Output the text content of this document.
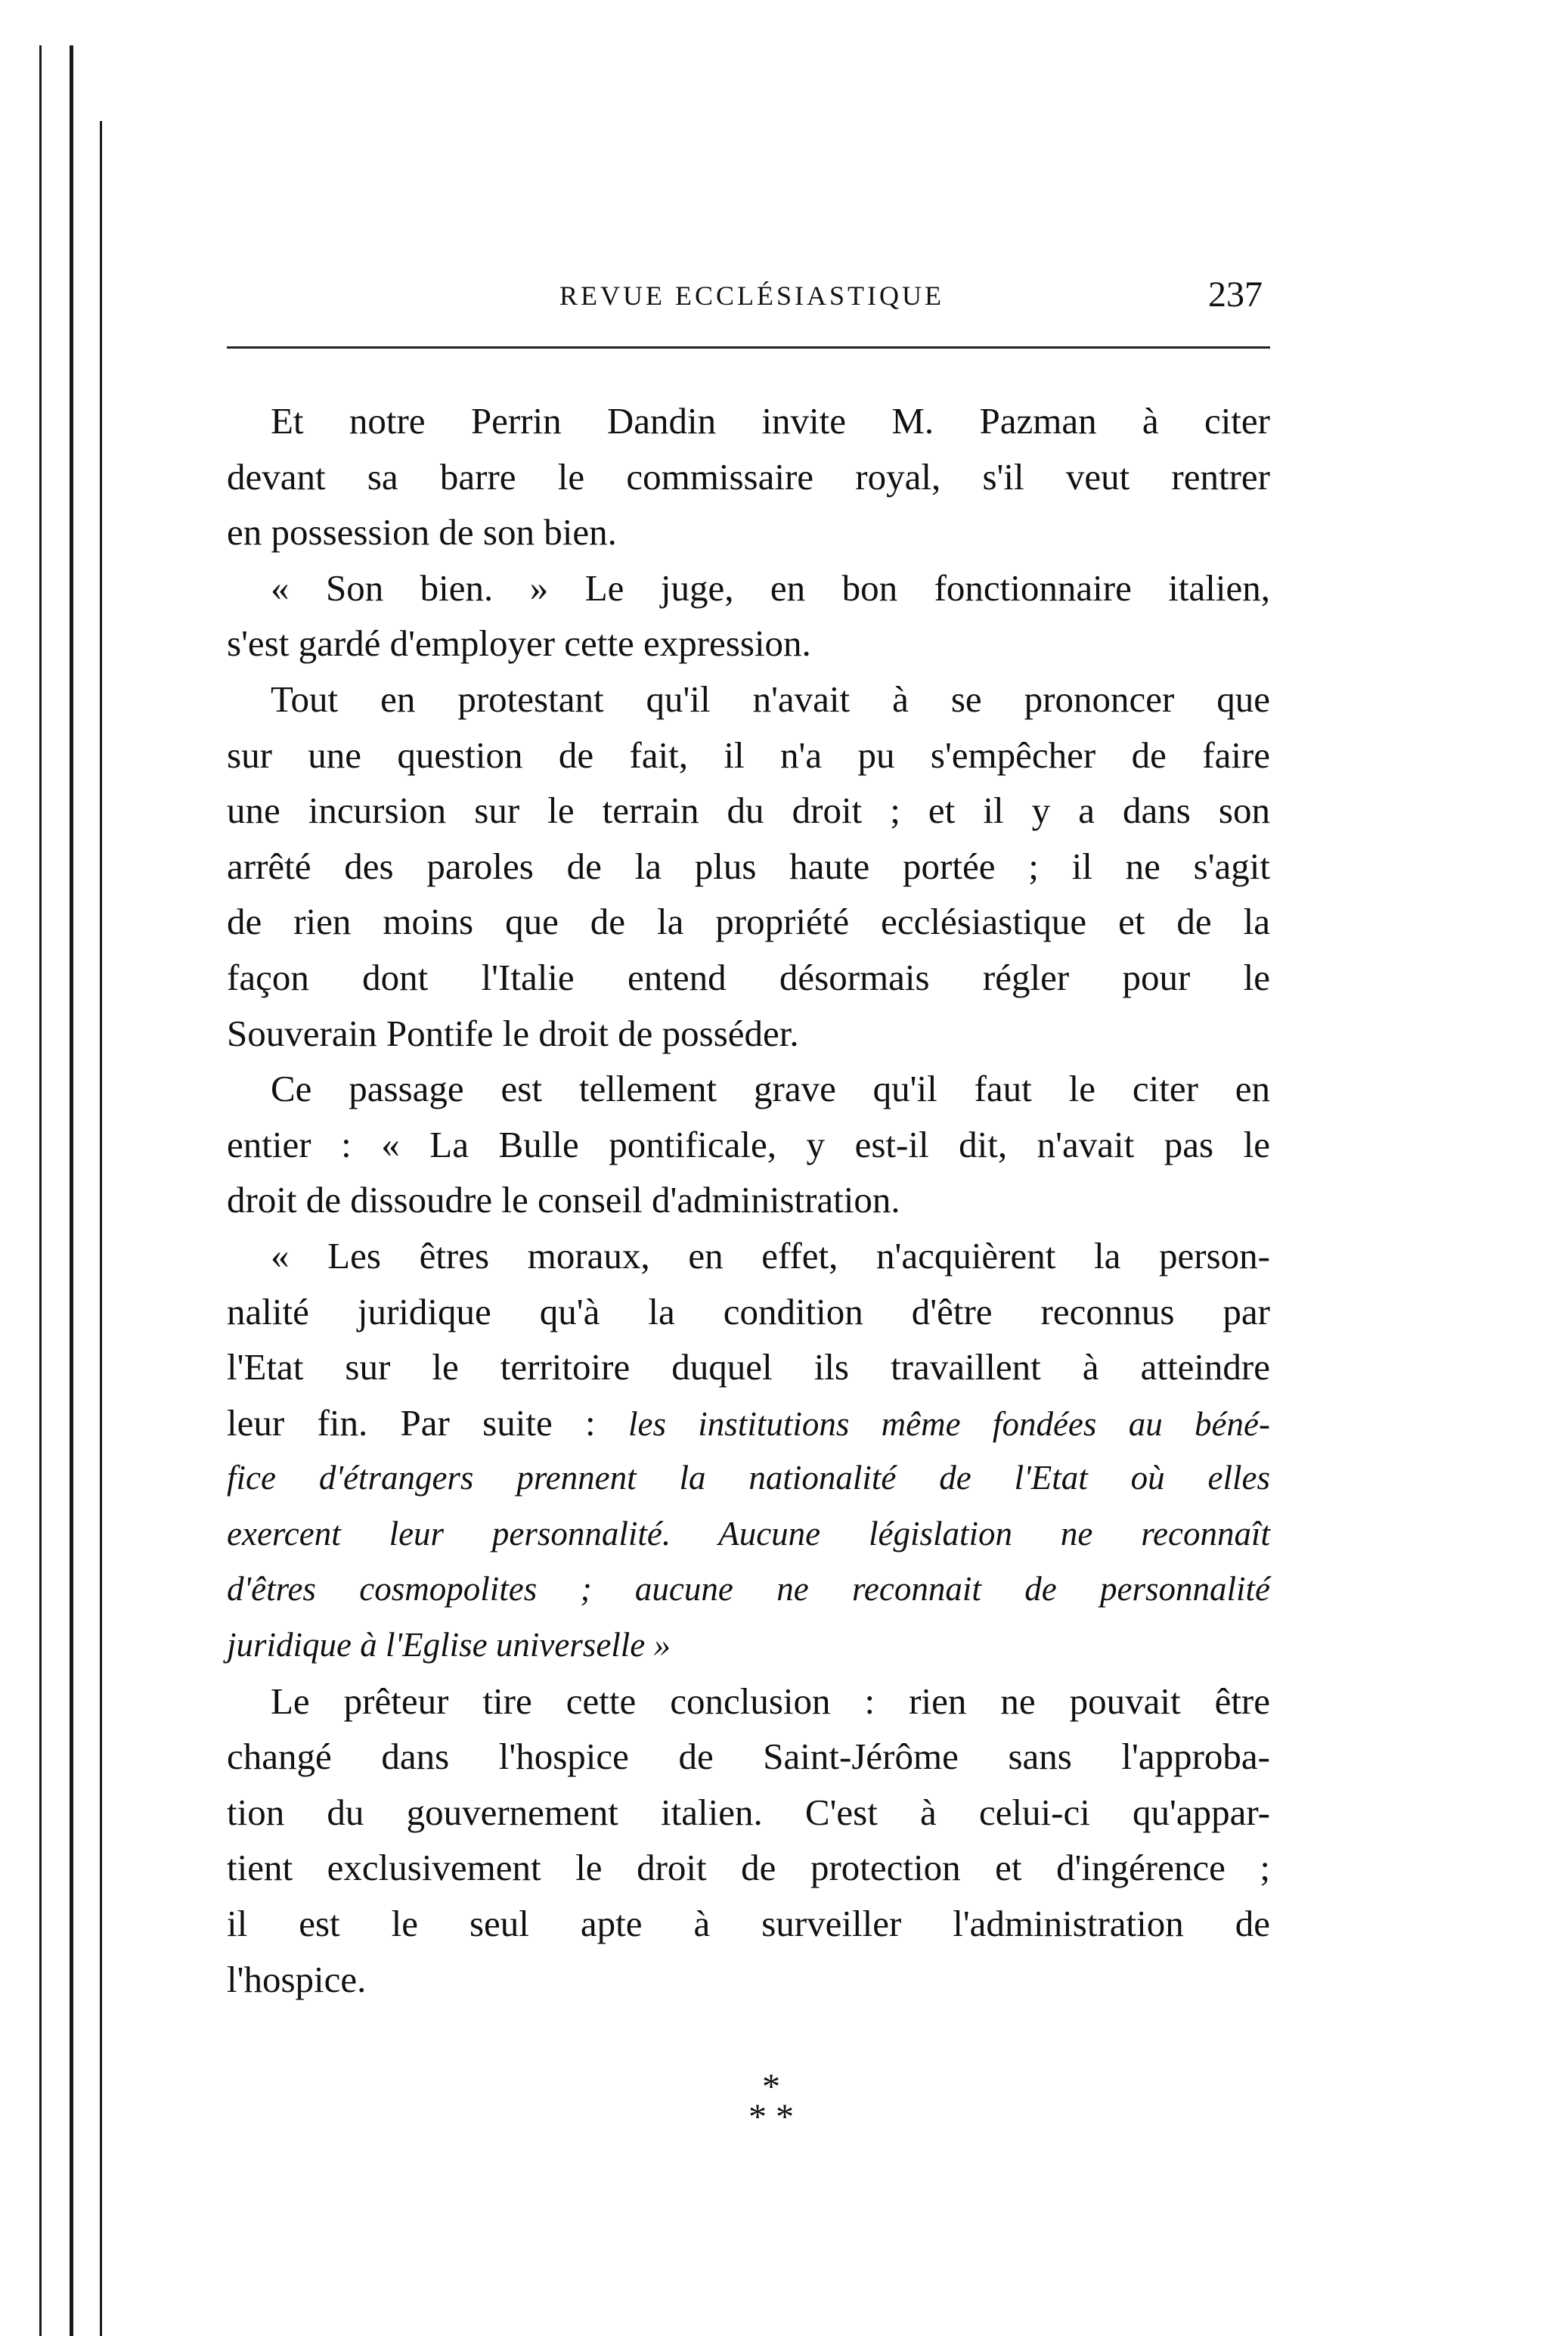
REVUE ECCLÉSIASTIQUE	237
Et notre Perrin Dandin invite M. Pazman à citer
devant sa barre le commissaire royal, s'il veut rentrer
en possession de son bien.
« Son bien. » Le juge, en bon fonctionnaire italien,
s'est gardé d'employer cette expression.
Tout en protestant qu'il n'avait à se prononcer que
sur une question de fait, il n'a pu s'empêcher de faire
une incursion sur le terrain du droit ; et il y a dans son
arrêté des paroles de la plus haute portée ; il ne s'agit
de rien moins que de la propriété ecclésiastique et de la
façon dont l'Italie entend désormais régler pour le
Souverain Pontife le droit de posséder.
Ce passage est tellement grave qu'il faut le citer en
entier : « La Bulle pontificale, y est-il dit, n'avait pas le
droit de dissoudre le conseil d'administration.
« Les êtres moraux, en effet, n'acquièrent la person-
nalité juridique qu'à la condition d'être reconnus par
l'Etat sur le territoire duquel ils travaillent à atteindre
leur fin. Par suite : les institutions même fondées au béné-
fice d'étrangers prennent la nationalité de l'Etat où elles
exercent leur personnalité. Aucune législation ne reconnaît
d'êtres cosmopolites ; aucune ne reconnait de personnalité
juridique à l'Eglise universelle »
Le prêteur tire cette conclusion : rien ne pouvait être
changé dans l'hospice de Saint-Jérôme sans l'approba-
tion du gouvernement italien. C'est à celui-ci qu'appar-
tient exclusivement le droit de protection et d'ingérence ;
il est le seul apte à surveiller l'administration de
l'hospice.
*
* *
